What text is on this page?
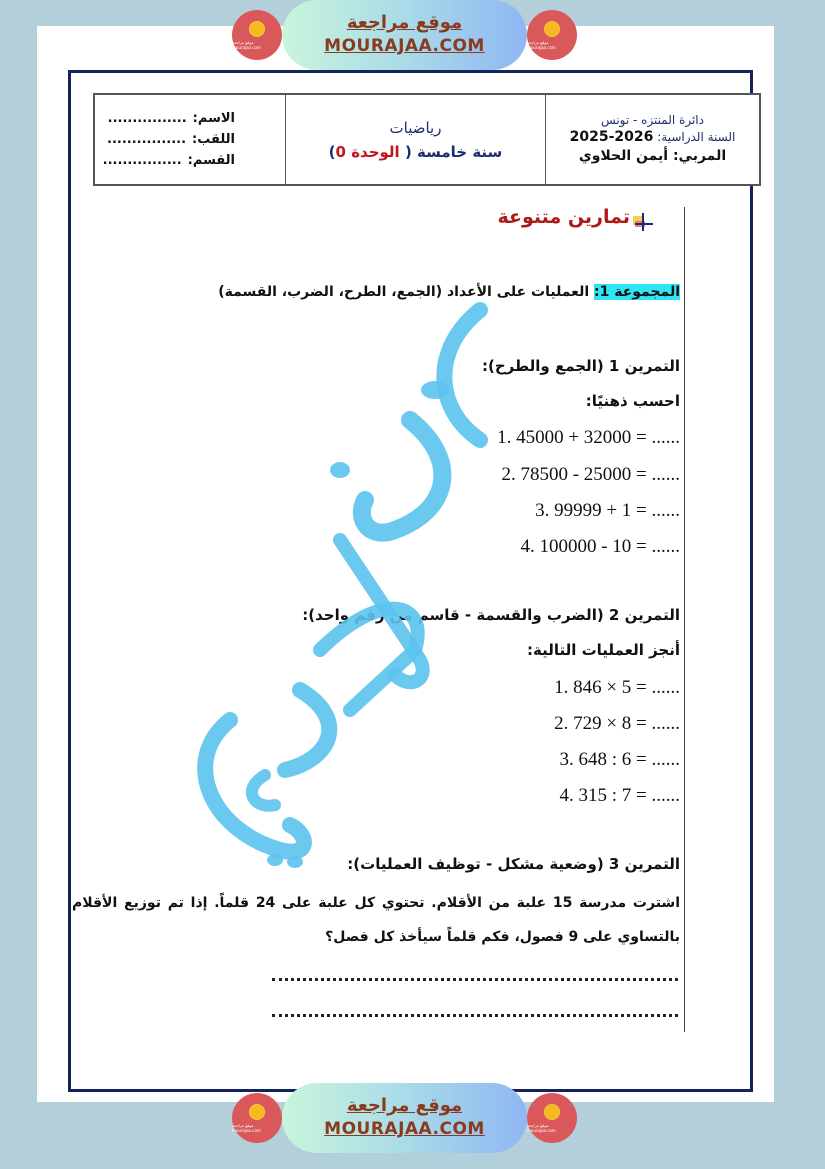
موقع مراجعة mourajaa.com
موقع مراجعة
MOURAJAA.COM	موقع مراجعة mourajaa.com
الاسم:................
اللقب:................
القسم:................
رياضيات
سنة خامسة ( الوحدة 0)
دائرة المنتزه - تونس
السنة الدراسية: 2026-2025
المربي: أيمن الحلاوي
تمارين متنوعة
المجموعة 1: العمليات على الأعداد (الجمع، الطرح، الضرب، القسمة)
التمرين 1 (الجمع والطرح):
احسب ذهنيًا:
1. 45000 + 32000 = ......
2. 78500 - 25000 = ......
3. 99999 + 1 = ......
4. 100000 - 10 = ......
التمرين 2 (الضرب والقسمة - قاسم من رقم واحد):
أنجز العمليات التالية:
1. 846 × 5 = ......
2. 729 × 8 = ......
3. 648 : 6 = ......
4. 315 : 7 = ......
التمرين 3 (وضعية مشكل - توظيف العمليات):
اشترت مدرسة 15 علبة من الأقلام. تحتوي كل علبة على 24 قلماً. إذا تم توزيع الأقلام بالتساوي على 9 فصول، فكم قلماً سيأخذ كل فصل؟
موقع مراجعة mourajaa.com
موقع مراجعة
MOURAJAA.COM	موقع مراجعة mourajaa.com
